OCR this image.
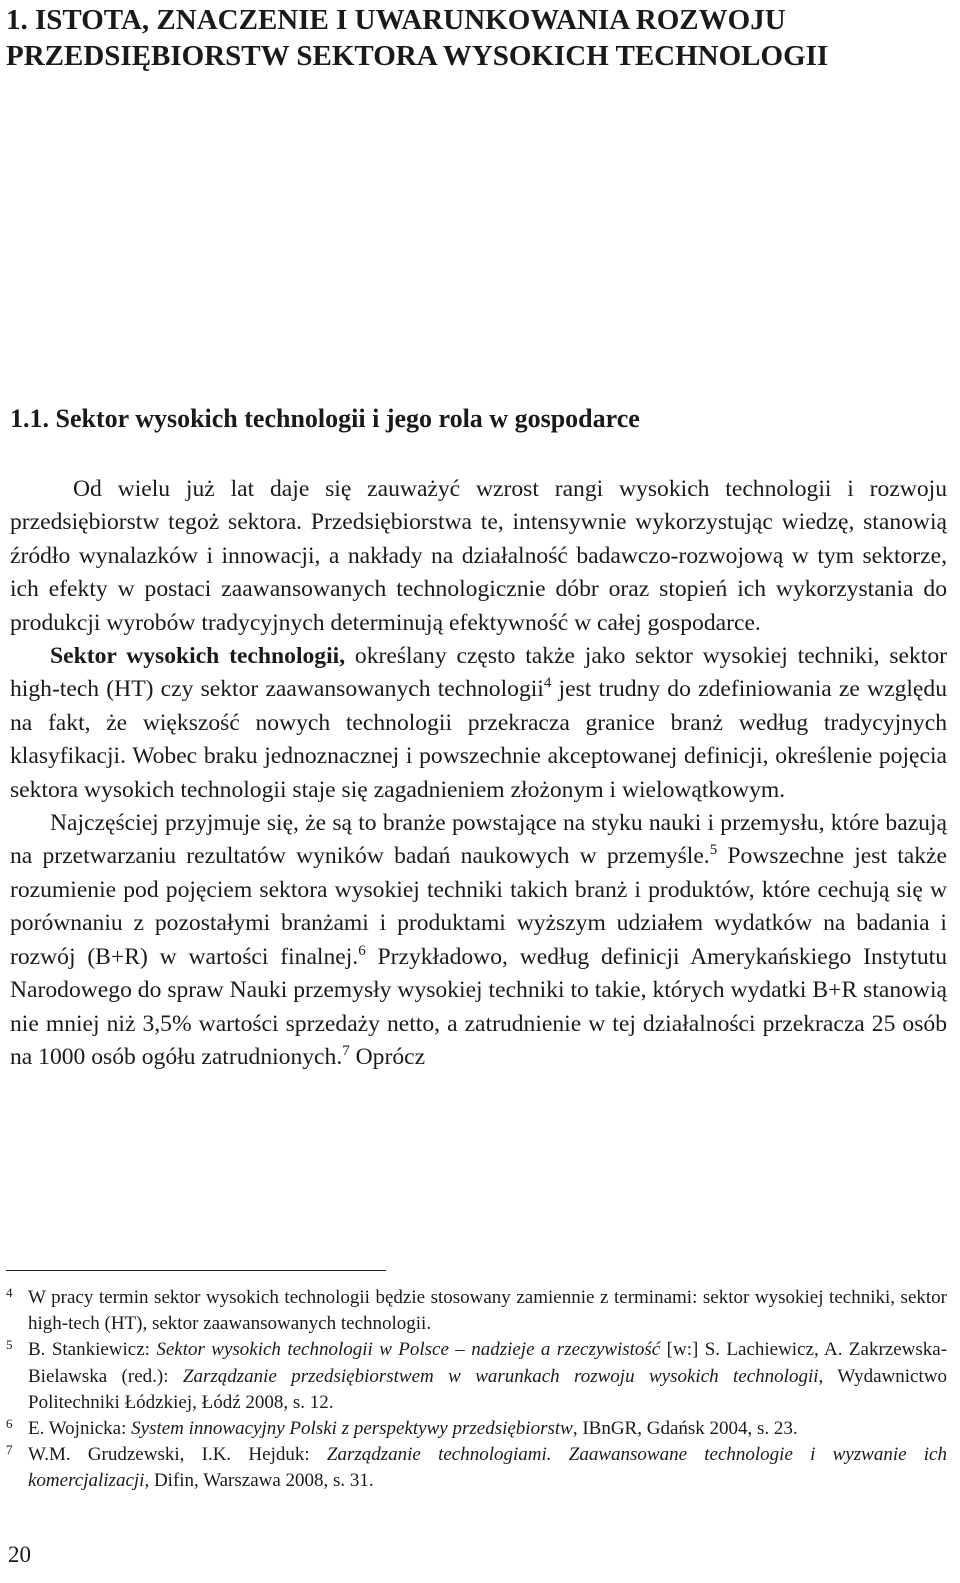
1. ISTOTA, ZNACZENIE I UWARUNKOWANIA ROZWOJU PRZEDSIĘBIORSTW SEKTORA WYSOKICH TECHNOLOGII
1.1. Sektor wysokich technologii i jego rola w gospodarce

Od wielu już lat daje się zauważyć wzrost rangi wysokich technologii i rozwoju przedsiębiorstw tegoż sektora. Przedsiębiorstwa te, intensywnie wykorzystując wiedzę, stanowią źródło wynalazków i innowacji, a nakłady na działalność badawczo-rozwojową w tym sektorze, ich efekty w postaci zaawansowanych technologicznie dóbr oraz stopień ich wykorzystania do produkcji wyrobów tradycyjnych determinują efektywność w całej gospodarce.

Sektor wysokich technologii, określany często także jako sektor wysokiej techniki, sektor high-tech (HT) czy sektor zaawansowanych technologii$^4$ jest trudny do zdefiniowania ze względu na fakt, że większość nowych technologii przekracza granice branż według tradycyjnych klasyfikacji. Wobec braku jednoznacznej i powszechnie akceptowanej definicji, określenie pojęcia sektora wysokich technologii staje się zagadnieniem złożonym i wielowątkowym.

Najczęściej przyjmuje się, że są to branże powstające na styku nauki i przemysłu, które bazują na przetwarzaniu rezultatów wyników badań naukowych w przemyśle.$^5$ Powszechne jest także rozumienie pod pojęciem sektora wysokiej techniki takich branż i produktów, które cechują się w porównaniu z pozostałymi branżami i produktami wyższym udziałem wydatków na badania i rozwój (B+R) w wartości finalnej.$^6$ Przykładowo, według definicji Amerykańskiego Instytutu Narodowego do spraw Nauki przemysły wysokiej techniki to takie, których wydatki B+R stanowią nie mniej niż 3,5% wartości sprzedaży netto, a zatrudnienie w tej działalności przekracza 25 osób na 1000 osób ogółu zatrudnionych.$^7$ Oprócz

4 W pracy termin sektor wysokich technologii będzie stosowany zamiennie z terminami: sektor wysokiej techniki, sektor high-tech (HT), sektor zaawansowanych technologii.

5 B. Stankiewicz: Sektor wysokich technologii w Polsce – nadzieje a rzeczywistość [w:] S. Lachiewicz, A. Zakrzewska-Bielawska (red.): Zarządzanie przedsiębiorstwem w warunkach rozwoju wysokich technologii, Wydawnictwo Politechniki Łódzkiej, Łódź 2008, s. 12.

6 E. Wojnicka: System innowacyjny Polski z perspektywy przedsiębiorstw, IBnGR, Gdańsk 2004, s. 23.

7 W.M. Grudzewski, I.K. Hejduk: Zarządzanie technologiami. Zaawansowane technologie i wyzwanie ich komercjalizacji, Difin, Warszawa 2008, s. 31.

20
